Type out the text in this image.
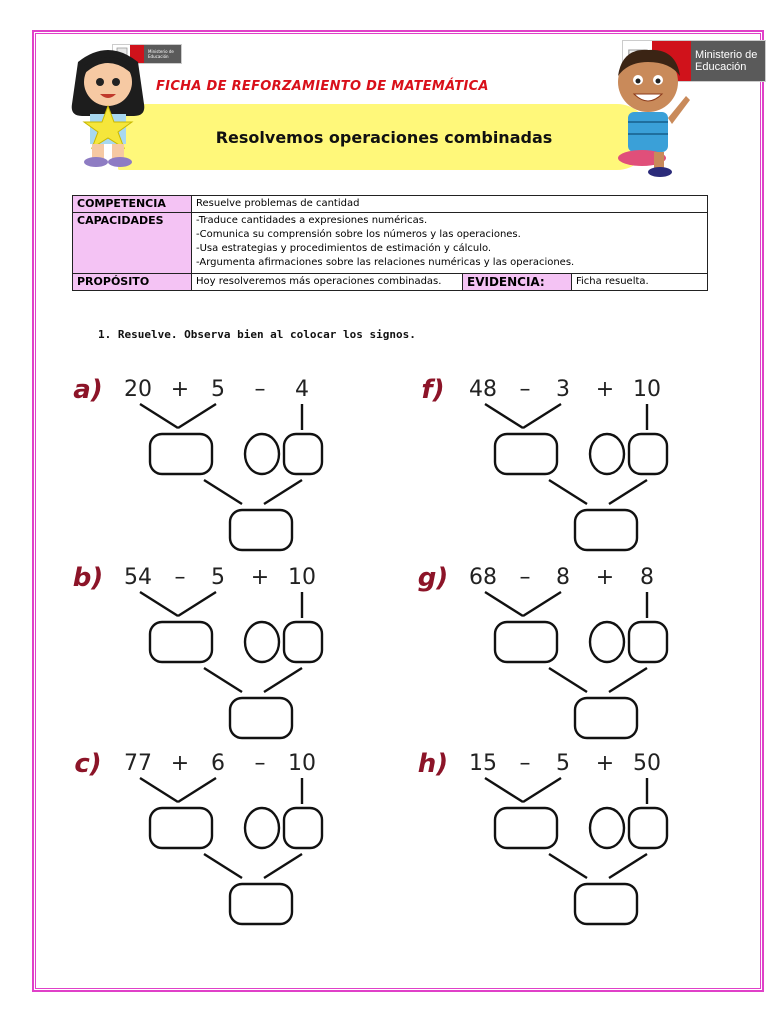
Ministerio de Educación	Ministerio de Educación
FICHA DE REFORZAMIENTO DE MATEMÁTICA
Resolvemos operaciones combinadas
COMPETENCIA	Resuelve problemas de cantidad		
CAPACIDADES	-Traduce cantidades a expresiones numéricas.
-Comunica su comprensión sobre los números y las operaciones.
-Usa estrategias y procedimientos de estimación y cálculo.
-Argumenta afirmaciones sobre las relaciones numéricas y las operaciones.		

PROPÓSITO	Hoy resolveremos más operaciones combinadas.	EVIDENCIA:	Ficha resuelta.
1. Resuelve. Observa bien al colocar los signos.
a) 20 + 5 – 4	f) 48 – 3 + 10
b) 54 – 5 + 10	g) 68 – 8 + 8
c) 77 + 6 – 10	h) 15 – 5 + 50
